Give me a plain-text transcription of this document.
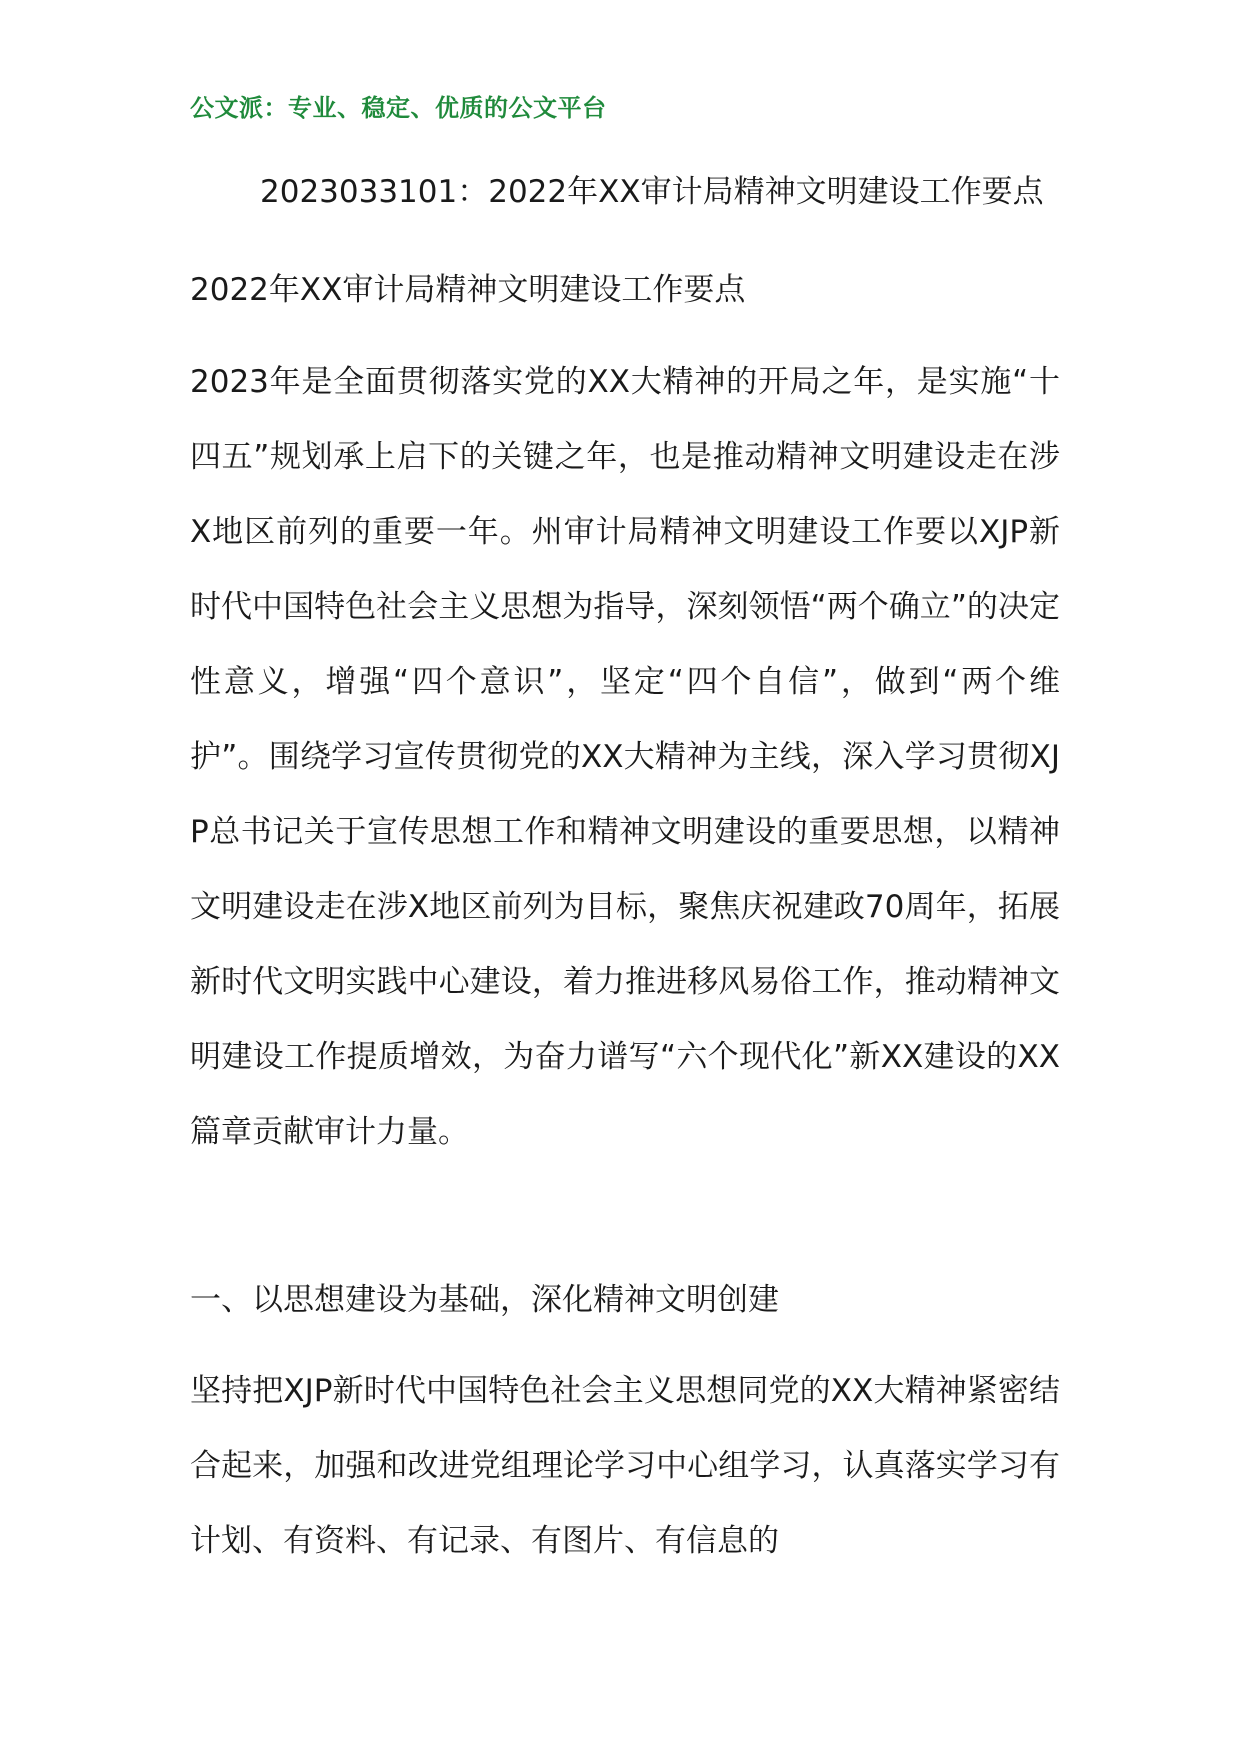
公文派：专业、稳定、优质的公文平台
2023033101：2022年XX审计局精神文明建设工作要点
2022年XX审计局精神文明建设工作要点

2023年是全面贯彻落实党的XX大精神的开局之年，是实施“十四五”规划承上启下的关键之年，也是推动精神文明建设走在涉X地区前列的重要一年。州审计局精神文明建设工作要以XJP新时代中国特色社会主义思想为指导，深刻领悟“两个确立”的决定性意义，增强“四个意识”，坚定“四个自信”，做到“两个维护”。围绕学习宣传贯彻党的XX大精神为主线，深入学习贯彻XJP总书记关于宣传思想工作和精神文明建设的重要思想，以精神文明建设走在涉X地区前列为目标，聚焦庆祝建政70周年，拓展新时代文明实践中心建设，着力推进移风易俗工作，推动精神文明建设工作提质增效，为奋力谱写“六个现代化”新XX建设的XX篇章贡献审计力量。

一、以思想建设为基础，深化精神文明创建

坚持把XJP新时代中国特色社会主义思想同党的XX大精神紧密结合起来，加强和改进党组理论学习中心组学习，认真落实学习有计划、有资料、有记录、有图片、有信息的
